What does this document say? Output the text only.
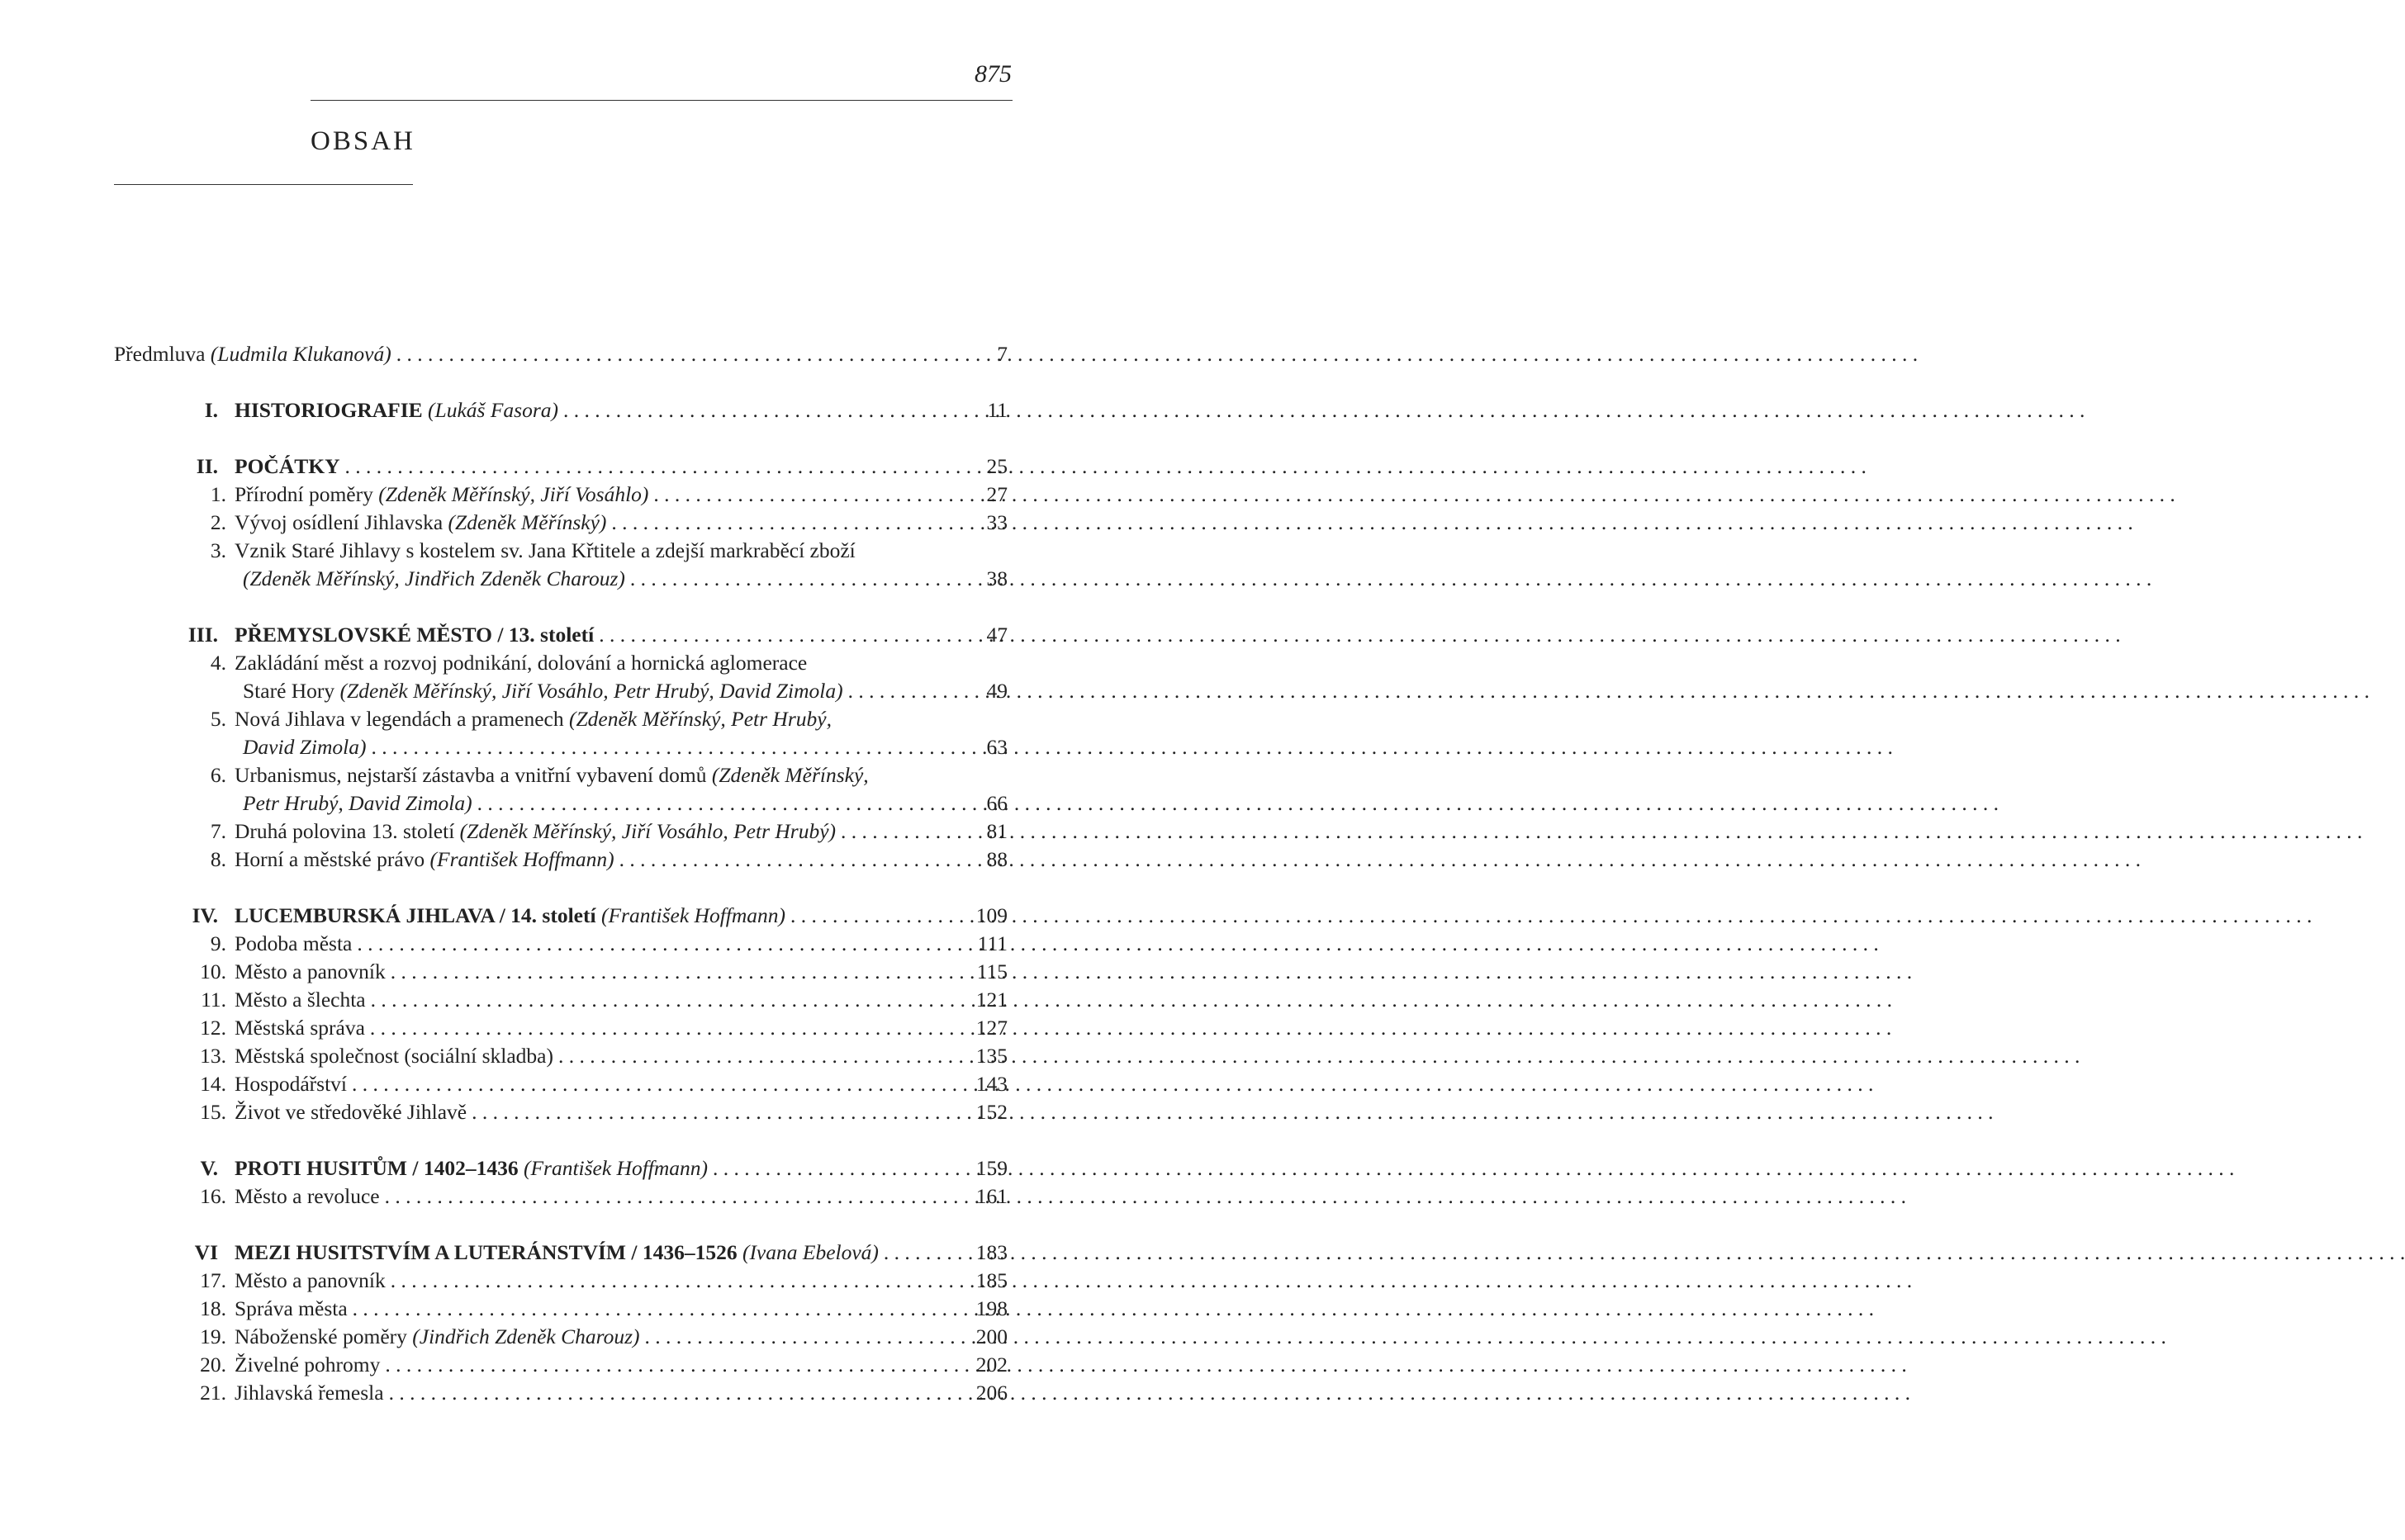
875
OBSAH
Předmluva (Ludmila Klukanová) . . .	7
I. HISTORIOGRAFIE (Lukáš Fasora) . . .	11
II. POČÁTKY . . .	25
1. Přírodní poměry (Zdeněk Měřínský, Jiří Vosáhlo) . . .	27
2. Vývoj osídlení Jihlavska (Zdeněk Měřínský) . . .	33
3. Vznik Staré Jihlavy s kostelem sv. Jana Křtitele a zdejší markraběcí zboží
(Zdeněk Měřínský, Jindřich Zdeněk Charouz) . . .	38
III. PŘEMYSLOVSKÉ MĚSTO / 13. století . . .	47
4. Zakládání měst a rozvoj podnikání, dolování a hornická aglomerace
Staré Hory (Zdeněk Měřínský, Jiří Vosáhlo, Petr Hrubý, David Zimola) . . .	49
5. Nová Jihlava v legendách a pramenech (Zdeněk Měřínský, Petr Hrubý,
David Zimola) . . .	63
6. Urbanismus, nejstarší zástavba a vnitřní vybavení domů (Zdeněk Měřínský,
Petr Hrubý, David Zimola) . . .	66
7. Druhá polovina 13. století (Zdeněk Měřínský, Jiří Vosáhlo, Petr Hrubý) . . .	81
8. Horní a městské právo (František Hoffmann) . . .	88
IV. LUCEMBURSKÁ JIHLAVA / 14. století (František Hoffmann) . . .	109
9. Podoba města . . .	111
10. Město a panovník . . .	115
11. Město a šlechta . . .	121
12. Městská správa . . .	127
13. Městská společnost (sociální skladba) . . .	135
14. Hospodářství . . .	143
15. Život ve středověké Jihlavě . . .	152
V. PROTI HUSITŮM / 1402–1436 (František Hoffmann) . . .	159
16. Město a revoluce . . .	161
VI MEZI HUSITSTVÍM A LUTERÁNSTVÍM / 1436–1526 (Ivana Ebelová) . . .	183
17. Město a panovník . . .	185
18. Správa města . . .	198
19. Náboženské poměry (Jindřich Zdeněk Charouz) . . .	200
20. Živelné pohromy . . .	202
21. Jihlavská řemesla . . .	206
